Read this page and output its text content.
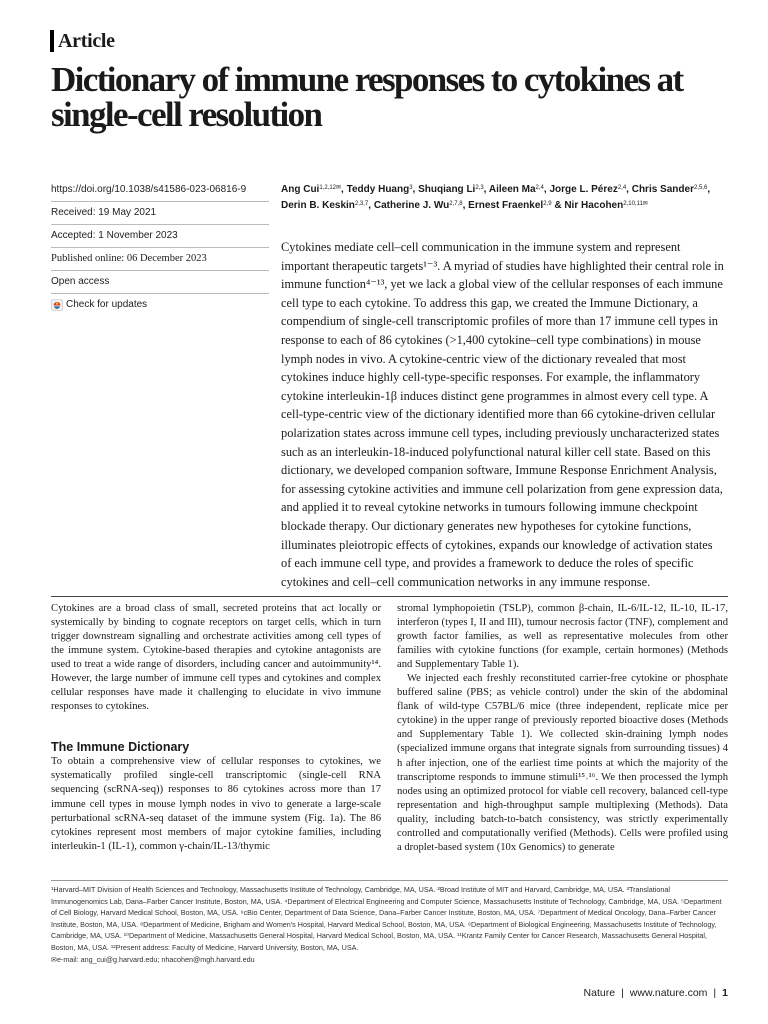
Article
Dictionary of immune responses to cytokines at single-cell resolution
https://doi.org/10.1038/s41586-023-06816-9
Received: 19 May 2021
Accepted: 1 November 2023
Published online: 06 December 2023
Open access
Check for updates
Ang Cui$^{1,2,12✉}$, Teddy Huang$^3$, Shuqiang Li$^{2,3}$, Aileen Ma$^{2,4}$, Jorge L. Pérez$^{2,4}$, Chris Sander$^{2,5,6}$, Derin B. Keskin$^{2,3,7}$, Catherine J. Wu$^{2,7,8}$, Ernest Fraenkel$^{2,9}$ & Nir Hacohen$^{2,10,11✉}$

Cytokines mediate cell–cell communication in the immune system and represent important therapeutic targets¹⁻³. A myriad of studies have highlighted their central role in immune function⁴⁻¹³, yet we lack a global view of the cellular responses of each immune cell type to each cytokine. To address this gap, we created the Immune Dictionary, a compendium of single-cell transcriptomic profiles of more than 17 immune cell types in response to each of 86 cytokines (>1,400 cytokine–cell type combinations) in mouse lymph nodes in vivo. A cytokine-centric view of the dictionary revealed that most cytokines induce highly cell-type-specific responses. For example, the inflammatory cytokine interleukin-1β induces distinct gene programmes in almost every cell type. A cell-type-centric view of the dictionary identified more than 66 cytokine-driven cellular polarization states across immune cell types, including previously uncharacterized states such as an interleukin-18-induced polyfunctional natural killer cell state. Based on this dictionary, we developed companion software, Immune Response Enrichment Analysis, for assessing cytokine activities and immune cell polarization from gene expression data, and applied it to reveal cytokine networks in tumours following immune checkpoint blockade therapy. Our dictionary generates new hypotheses for cytokine functions, illuminates pleiotropic effects of cytokines, expands our knowledge of activation states of each immune cell type, and provides a framework to deduce the roles of specific cytokines and cell–cell communication networks in any immune response.

Cytokines are a broad class of small, secreted proteins that act locally or systemically by binding to cognate receptors on target cells, which in turn trigger downstream signalling and orchestrate activities among cell types of the immune system. Cytokine-based therapies and cytokine antagonists are used to treat a wide range of disorders, including cancer and autoimmunity¹⁴. However, the large number of immune cell types and cytokines and complex cellular responses have made it challenging to elucidate in vivo immune responses to cytokines.

The Immune Dictionary

To obtain a comprehensive view of cellular responses to cytokines, we systematically profiled single-cell transcriptomic (single-cell RNA sequencing (scRNA-seq)) responses to 86 cytokines across more than 17 immune cell types in mouse lymph nodes in vivo to generate a large-scale perturbational scRNA-seq dataset of the immune system (Fig. 1a). The 86 cytokines represent most members of major cytokine families, including interleukin-1 (IL-1), common γ-chain/IL-13/thymic

stromal lymphopoietin (TSLP), common β-chain, IL-6/IL-12, IL-10, IL-17, interferon (types I, II and III), tumour necrosis factor (TNF), complement and growth factor families, as well as representative molecules from other families with cytokine functions (for example, certain hormones) (Methods and Supplementary Table 1).

We injected each freshly reconstituted carrier-free cytokine or phosphate buffered saline (PBS; as vehicle control) under the skin of the abdominal flank of wild-type C57BL/6 mice (three independent, replicate mice per cytokine) in the upper range of previously reported bioactive doses (Methods and Supplementary Table 1). We collected skin-draining lymph nodes (specialized immune organs that integrate signals from surrounding tissues) 4 h after injection, one of the earliest time points at which the majority of the transcriptome responds to immune stimuli¹⁵˒¹⁶. We then processed the lymph nodes using an optimized protocol for viable cell recovery, balanced cell-type representation and high-throughput sample multiplexing (Methods). Data quality, including batch-to-batch consistency, was strictly experimentally controlled and computationally verified (Methods). Cells were profiled using a droplet-based system (10x Genomics) to generate

¹Harvard–MIT Division of Health Sciences and Technology, Massachusetts Institute of Technology, Cambridge, MA, USA. ²Broad Institute of MIT and Harvard, Cambridge, MA, USA. ³Translational Immunogenomics Lab, Dana–Farber Cancer Institute, Boston, MA, USA. ⁴Department of Electrical Engineering and Computer Science, Massachusetts Institute of Technology, Cambridge, MA, USA. ⁵Department of Cell Biology, Harvard Medical School, Boston, MA, USA. ⁶cBio Center, Department of Data Science, Dana–Farber Cancer Institute, Boston, MA, USA. ⁷Department of Medical Oncology, Dana–Farber Cancer Institute, Boston, MA, USA. ⁸Department of Medicine, Brigham and Women's Hospital, Harvard Medical School, Boston, MA, USA. ⁹Department of Biological Engineering, Massachusetts Institute of Technology, Cambridge, MA, USA. ¹⁰Department of Medicine, Massachusetts General Hospital, Harvard Medical School, Boston, MA, USA. ¹¹Krantz Family Center for Cancer Research, Massachusetts General Hospital, Boston, MA, USA. ¹²Present address: Faculty of Medicine, Harvard University, Boston, MA, USA.
✉e-mail: ang_cui@g.harvard.edu; nhacohen@mgh.harvard.edu
Nature | www.nature.com | 1
